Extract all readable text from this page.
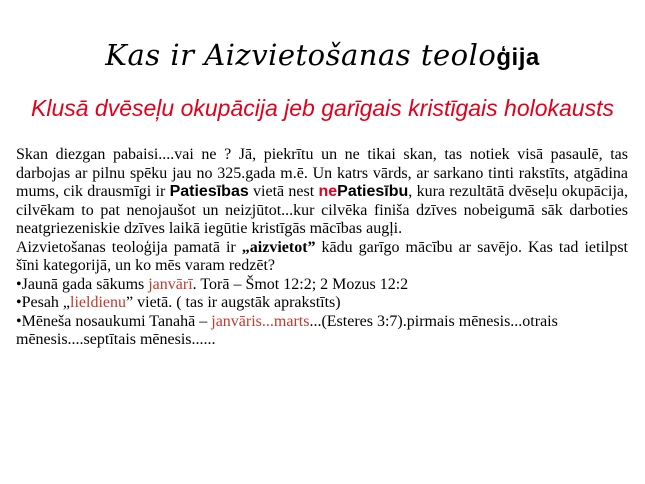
Kas ir Aizvietošanas teoloģija
Klusā dvēseļu okupācija jeb garīgais kristīgais holokausts

Skan diezgan pabaisi....vai ne ? Jā, piekrītu un ne tikai skan, tas notiek visā pasaulē, tas darbojas ar pilnu spēku jau no 325.gada m.ē. Un katrs vārds, ar sarkano tinti rakstīts, atgādina mums, cik drausmīgi ir Patiesības vietā nest nePatiesību, kura rezultātā dvēseļu okupācija, cilvēkam to pat nenojaušot un neizjūtot...kur cilvēka finiša dzīves nobeigumā sāk darboties neatgriezeniskie dzīves laikā iegūtie kristīgās mācības augļi.

Aizvietošanas teoloģija pamatā ir „aizvietot” kādu garīgo mācību ar savējo. Kas tad ietilpst šīni kategorijā, un ko mēs varam redzēt?

•Jaunā gada sākums janvārī. Torā – Šmot 12:2; 2 Mozus 12:2

•Pesah „lieldienu” vietā. ( tas ir augstāk aprakstīts)

•Mēneša nosaukumi Tanahā – janvāris...marts...(Esteres 3:7).pirmais mēnesis...otrais mēnesis....septītais mēnesis......
